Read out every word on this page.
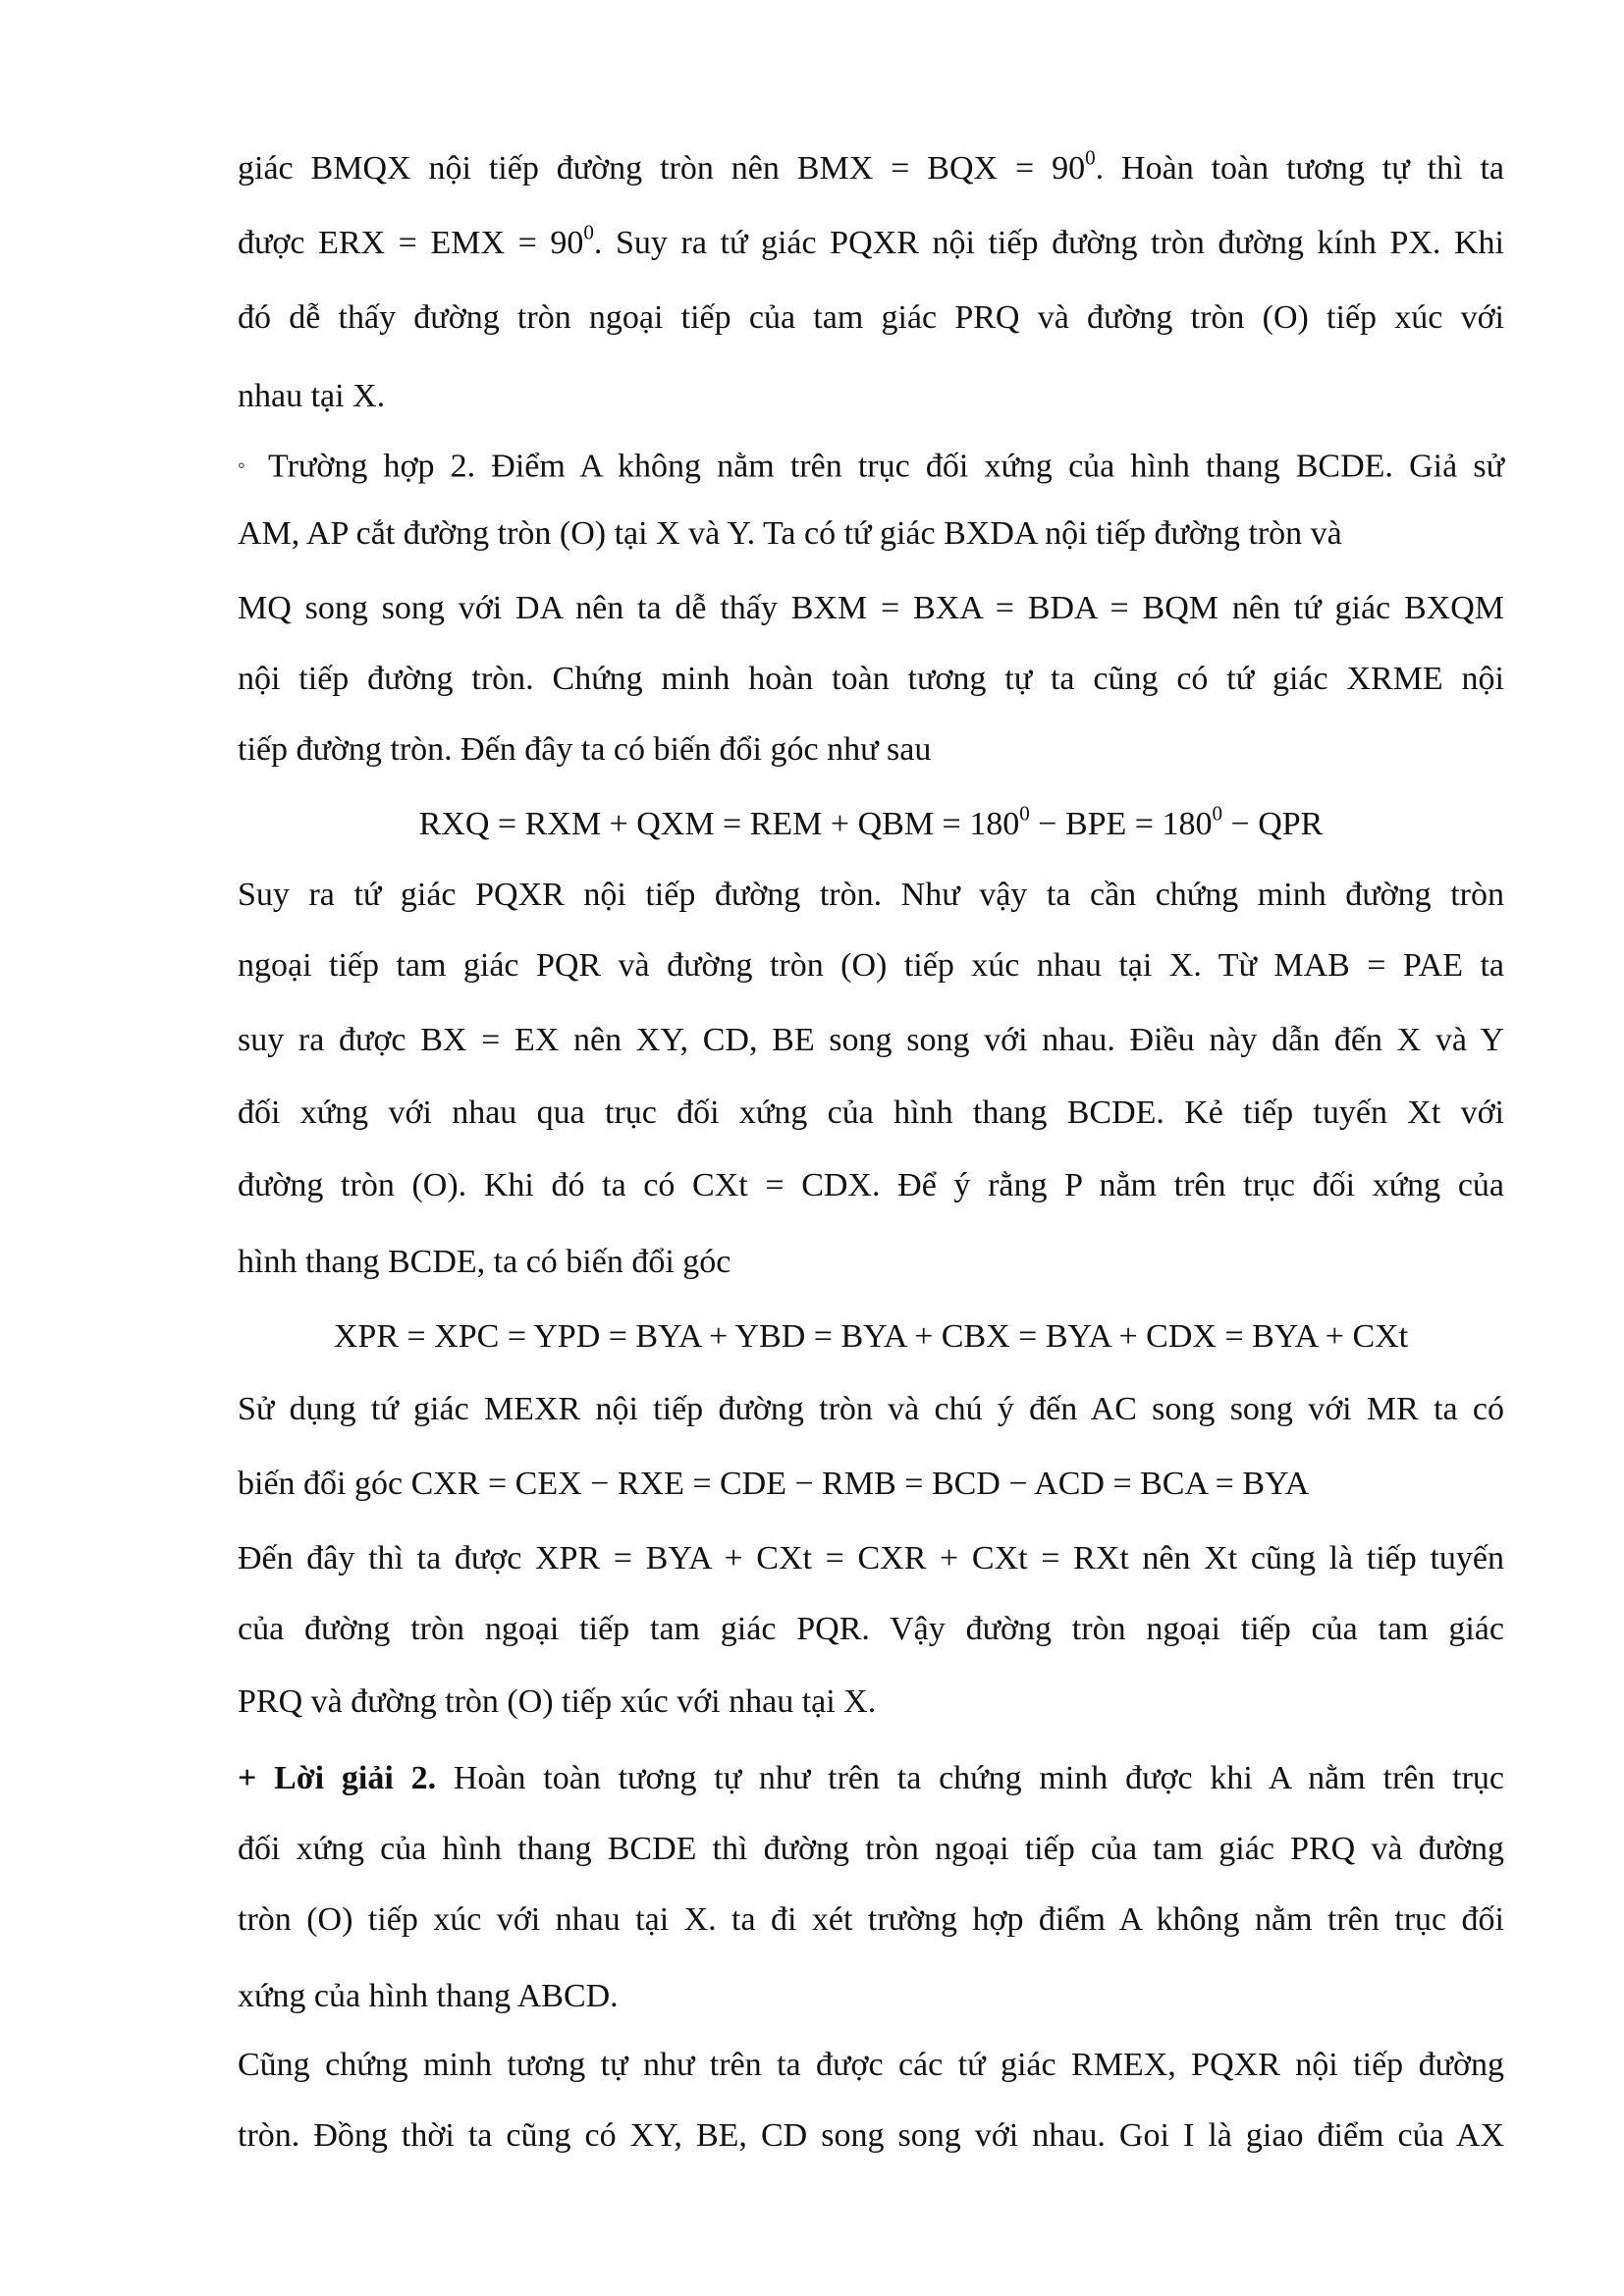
giác BMQX nội tiếp đường tròn nên BMX = BQX = $90^0$. Hoàn toàn tương tự thì ta
được ERX = EMX = $90^0$. Suy ra tứ giác PQXR nội tiếp đường tròn đường kính PX. Khi
đó dễ thấy đường tròn ngoại tiếp của tam giác PRQ và đường tròn (O) tiếp xúc với
nhau tại X.
◦ Trường hợp 2. Điểm A không nằm trên trục đối xứng của hình thang BCDE. Giả sử
AM, AP cắt đường tròn (O) tại X và Y. Ta có tứ giác BXDA nội tiếp đường tròn và
MQ song song với DA nên ta dễ thấy BXM = BXA = BDA = BQM nên tứ giác BXQM
nội tiếp đường tròn. Chứng minh hoàn toàn tương tự ta cũng có tứ giác XRME nội
tiếp đường tròn. Đến đây ta có biến đổi góc như sau
RXQ = RXM + QXM = REM + QBM = $180^0$ − BPE = $180^0$ − QPR
Suy ra tứ giác PQXR nội tiếp đường tròn. Như vậy ta cần chứng minh đường tròn
ngoại tiếp tam giác PQR và đường tròn (O) tiếp xúc nhau tại X. Từ MAB = PAE ta
suy ra được BX = EX nên XY, CD, BE song song với nhau. Điều này dẫn đến X và Y
đối xứng với nhau qua trục đối xứng của hình thang BCDE. Kẻ tiếp tuyến Xt với
đường tròn (O). Khi đó ta có CXt = CDX. Để ý rằng P nằm trên trục đối xứng của
hình thang BCDE, ta có biến đổi góc
XPR = XPC = YPD = BYA + YBD = BYA + CBX = BYA + CDX = BYA + CXt
Sử dụng tứ giác MEXR nội tiếp đường tròn và chú ý đến AC song song với MR ta có
biến đổi góc CXR = CEX − RXE = CDE − RMB = BCD − ACD = BCA = BYA
Đến đây thì ta được XPR = BYA + CXt = CXR + CXt = RXt nên Xt cũng là tiếp tuyến
của đường tròn ngoại tiếp tam giác PQR. Vậy đường tròn ngoại tiếp của tam giác
PRQ và đường tròn (O) tiếp xúc với nhau tại X.
+ Lời giải 2. Hoàn toàn tương tự như trên ta chứng minh được khi A nằm trên trục
đối xứng của hình thang BCDE thì đường tròn ngoại tiếp của tam giác PRQ và đường
tròn (O) tiếp xúc với nhau tại X. ta đi xét trường hợp điểm A không nằm trên trục đối
xứng của hình thang ABCD.
Cũng chứng minh tương tự như trên ta được các tứ giác RMEX, PQXR nội tiếp đường
tròn. Đồng thời ta cũng có XY, BE, CD song song với nhau. Goi I là giao điểm của AX
